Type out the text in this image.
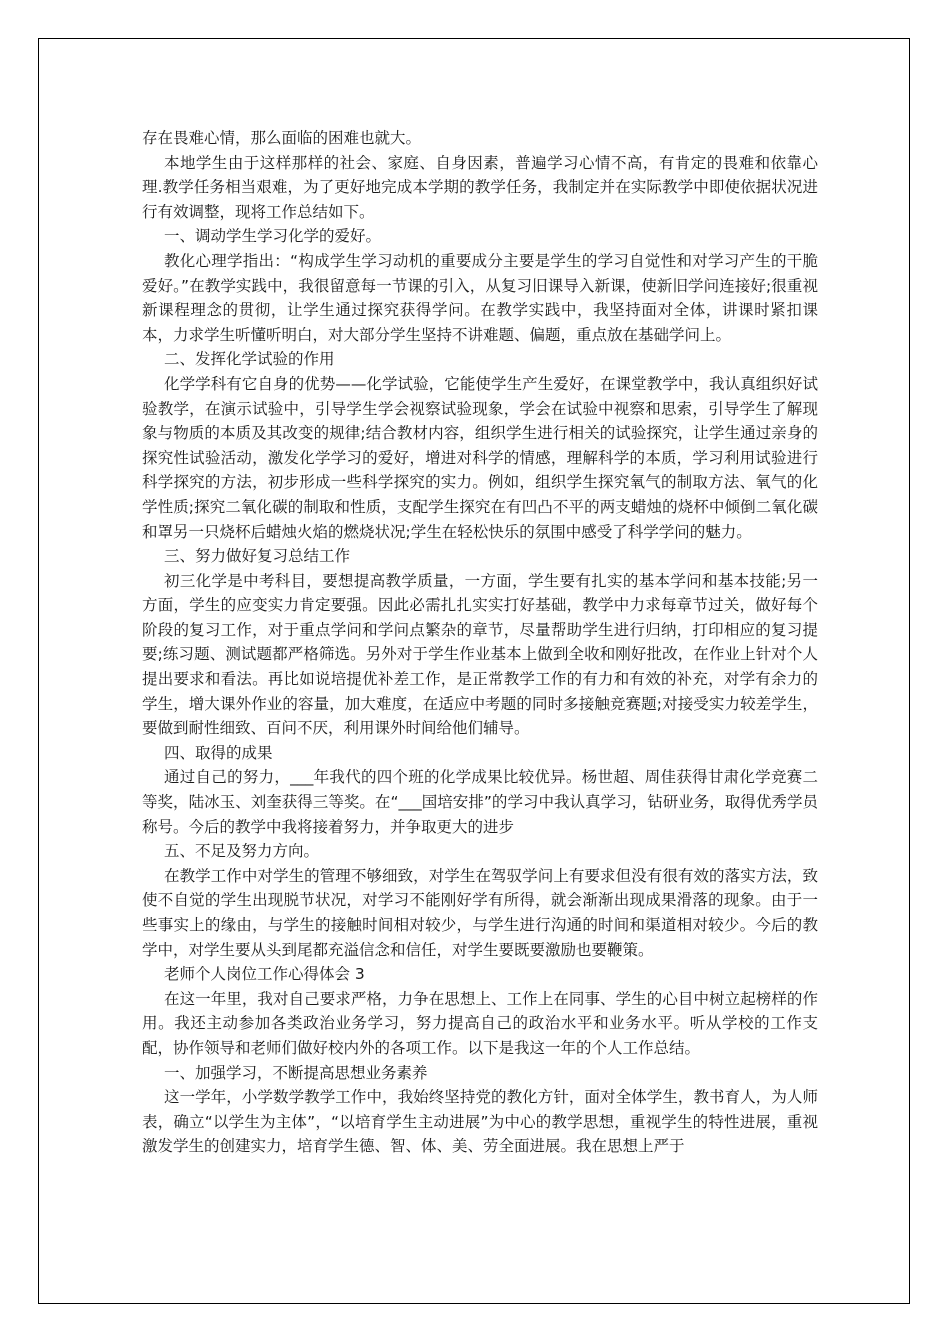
存在畏难心情，那么面临的困难也就大。

本地学生由于这样那样的社会、家庭、自身因素，普遍学习心情不高，有肯定的畏难和依靠心理.教学任务相当艰难，为了更好地完成本学期的教学任务，我制定并在实际教学中即使依据状况进行有效调整，现将工作总结如下。

一、调动学生学习化学的爱好。

教化心理学指出：“构成学生学习动机的重要成分主要是学生的学习自觉性和对学习产生的干脆爱好。”在教学实践中，我很留意每一节课的引入，从复习旧课导入新课，使新旧学问连接好;很重视新课程理念的贯彻，让学生通过探究获得学问。在教学实践中，我坚持面对全体，讲课时紧扣课本，力求学生听懂听明白，对大部分学生坚持不讲难题、偏题，重点放在基础学问上。

二、发挥化学试验的作用

化学学科有它自身的优势——化学试验，它能使学生产生爱好，在课堂教学中，我认真组织好试验教学，在演示试验中，引导学生学会视察试验现象，学会在试验中视察和思索，引导学生了解现象与物质的本质及其改变的规律;结合教材内容，组织学生进行相关的试验探究，让学生通过亲身的探究性试验活动，激发化学学习的爱好，增进对科学的情感，理解科学的本质，学习利用试验进行科学探究的方法，初步形成一些科学探究的实力。例如，组织学生探究氧气的制取方法、氧气的化学性质;探究二氧化碳的制取和性质，支配学生探究在有凹凸不平的两支蜡烛的烧杯中倾倒二氧化碳和罩另一只烧杯后蜡烛火焰的燃烧状况;学生在轻松快乐的氛围中感受了科学学问的魅力。

三、努力做好复习总结工作

初三化学是中考科目，要想提高教学质量，一方面，学生要有扎实的基本学问和基本技能;另一方面，学生的应变实力肯定要强。因此必需扎扎实实打好基础，教学中力求每章节过关，做好每个阶段的复习工作，对于重点学问和学问点繁杂的章节，尽量帮助学生进行归纳，打印相应的复习提要;练习题、测试题都严格筛选。另外对于学生作业基本上做到全收和刚好批改，在作业上针对个人提出要求和看法。再比如说培提优补差工作，是正常教学工作的有力和有效的补充，对学有余力的学生，增大课外作业的容量，加大难度，在适应中考题的同时多接触竞赛题;对接受实力较差学生，要做到耐性细致、百问不厌，利用课外时间给他们辅导。

四、取得的成果

通过自己的努力，___年我代的四个班的化学成果比较优异。杨世超、周佳获得甘肃化学竞赛二等奖，陆冰玉、刘奎获得三等奖。在“___国培安排”的学习中我认真学习，钻研业务，取得优秀学员称号。今后的教学中我将接着努力，并争取更大的进步

五、不足及努力方向。

在教学工作中对学生的管理不够细致，对学生在驾驭学问上有要求但没有很有效的落实方法，致使不自觉的学生出现脱节状况，对学习不能刚好学有所得，就会渐渐出现成果滑落的现象。由于一些事实上的缘由，与学生的接触时间相对较少，与学生进行沟通的时间和渠道相对较少。今后的教学中，对学生要从头到尾都充溢信念和信任，对学生要既要激励也要鞭策。

老师个人岗位工作心得体会 3

在这一年里，我对自己要求严格，力争在思想上、工作上在同事、学生的心目中树立起榜样的作用。我还主动参加各类政治业务学习，努力提高自己的政治水平和业务水平。听从学校的工作支配，协作领导和老师们做好校内外的各项工作。以下是我这一年的个人工作总结。

一、加强学习，不断提高思想业务素养

这一学年，小学数学教学工作中，我始终坚持党的教化方针，面对全体学生，教书育人，为人师表，确立“以学生为主体”，“以培育学生主动进展”为中心的教学思想，重视学生的特性进展，重视激发学生的创建实力，培育学生德、智、体、美、劳全面进展。我在思想上严于
